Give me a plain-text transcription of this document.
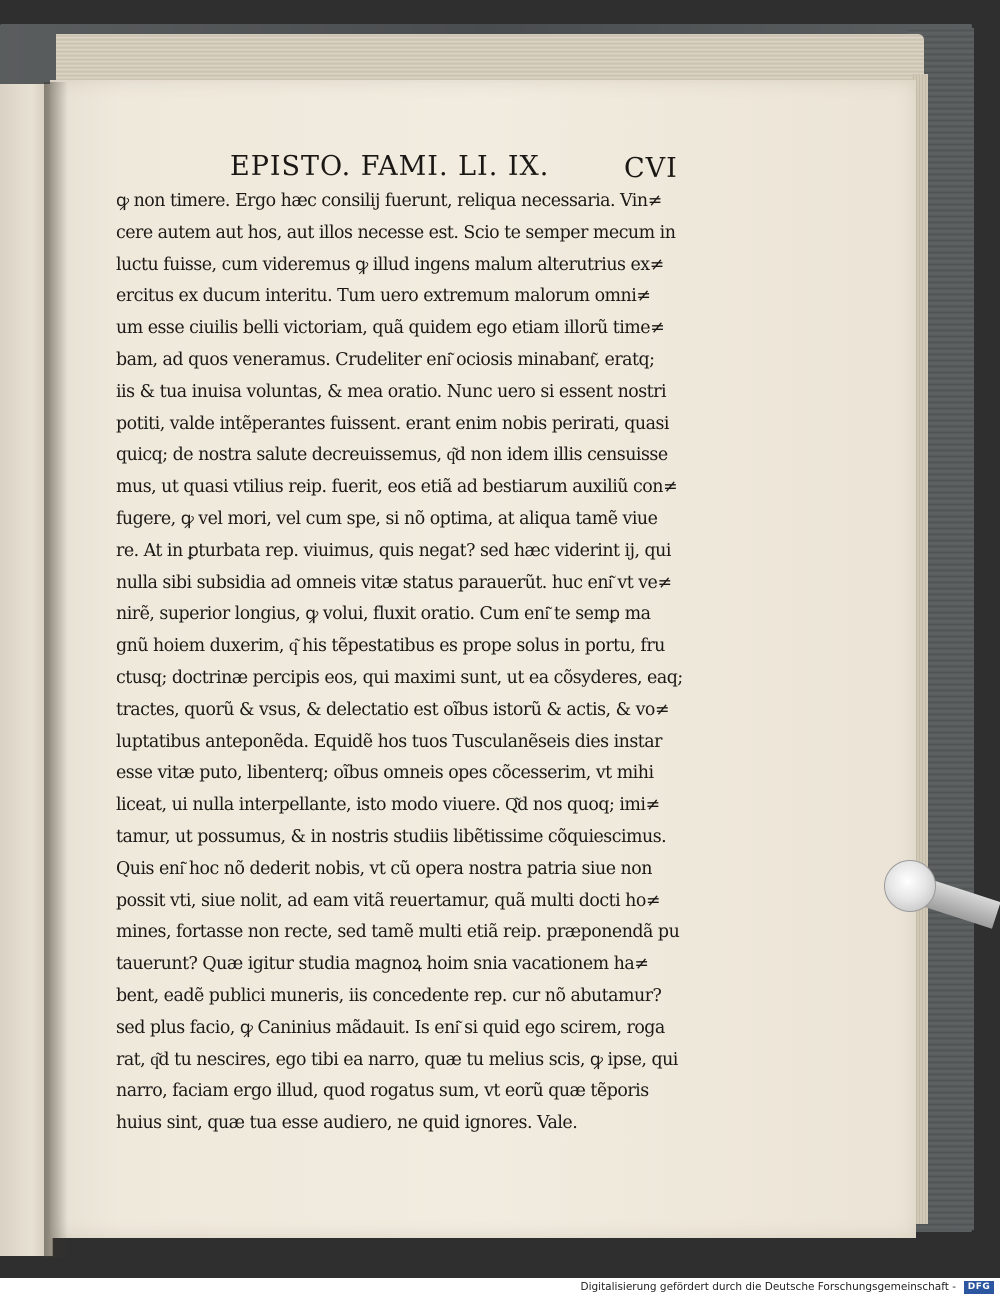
EPISTO. FAMI. LI. IX.	CVI
ꝙ non timere. Ergo hæc consilij fuerunt, reliqua necessaria. Vin≠
cere autem aut hos, aut illos necesse est. Scio te semper mecum in
luctu fuisse, cum videremus ꝙ illud ingens malum alterutrius ex≠
ercitus ex ducum interitu. Tum uero extremum malorum omni≠
um esse ciuilis belli victoriam, quã quidem ego etiam illorũ time≠
bam, ad quos veneramus. Crudeliter eni͂ ociosis minabant͂, eratq;
iis & tua inuisa voluntas, & mea oratio. Nunc uero si essent nostri
potiti, valde intẽperantes fuissent. erant enim nobis perirati, quasi
quicq; de nostra salute decreuissemus, q͂d non idem illis censuisse
mus, ut quasi vtilius reip. fuerit, eos etiã ad bestiarum auxiliũ con≠
fugere, ꝙ vel mori, vel cum spe, si nõ optima, at aliqua tamẽ viue
re. At in ꝑturbata rep. viuimus, quis negat? sed hæc viderint ij, qui
nulla sibi subsidia ad omneis vitæ status parauerũt. huc eni͂ vt ve≠
nirẽ, superior longius, ꝙ volui, fluxit oratio. Cum eni͂ te semꝑ ma
gnũ hoiem duxerim, q͂ his tẽpestatibus es prope solus in portu, fru
ctusq; doctrinæ percipis eos, qui maximi sunt, ut ea cõsyderes, eaq;
tractes, quorũ & vsus, & delectatio est oĩbus istorũ & actis, & vo≠
luptatibus anteponẽda. Equidẽ hos tuos Tusculanẽseis dies instar
esse vitæ puto, libenterq; oĩbus omneis opes cõcesserim, vt mihi
liceat, ui nulla interpellante, isto modo viuere. Q͂d nos quoq; imi≠
tamur, ut possumus, & in nostris studiis libẽtissime cõquiescimus.
Quis eni͂ hoc nõ dederit nobis, vt cũ opera nostra patria siue non
possit vti, siue nolit, ad eam vitã reuertamur, quã multi docti ho≠
mines, fortasse non recte, sed tamẽ multi etiã reip. præponendã pu
tauerunt? Quæ igitur studia magnoꝝ hoim snia vacationem ha≠
bent, eadẽ publici muneris, iis concedente rep. cur nõ abutamur?
sed plus facio, ꝙ Caninius mãdauit. Is eni͂ si quid ego scirem, roga
rat, q͂d tu nescires, ego tibi ea narro, quæ tu melius scis, ꝙ ipse, qui
narro, faciam ergo illud, quod rogatus sum, vt eorũ quæ tẽporis
huius sint, quæ tua esse audiero, ne quid ignores. Vale.
Digitalisierung gefördert durch die Deutsche Forschungsgemeinschaft -	DFG
